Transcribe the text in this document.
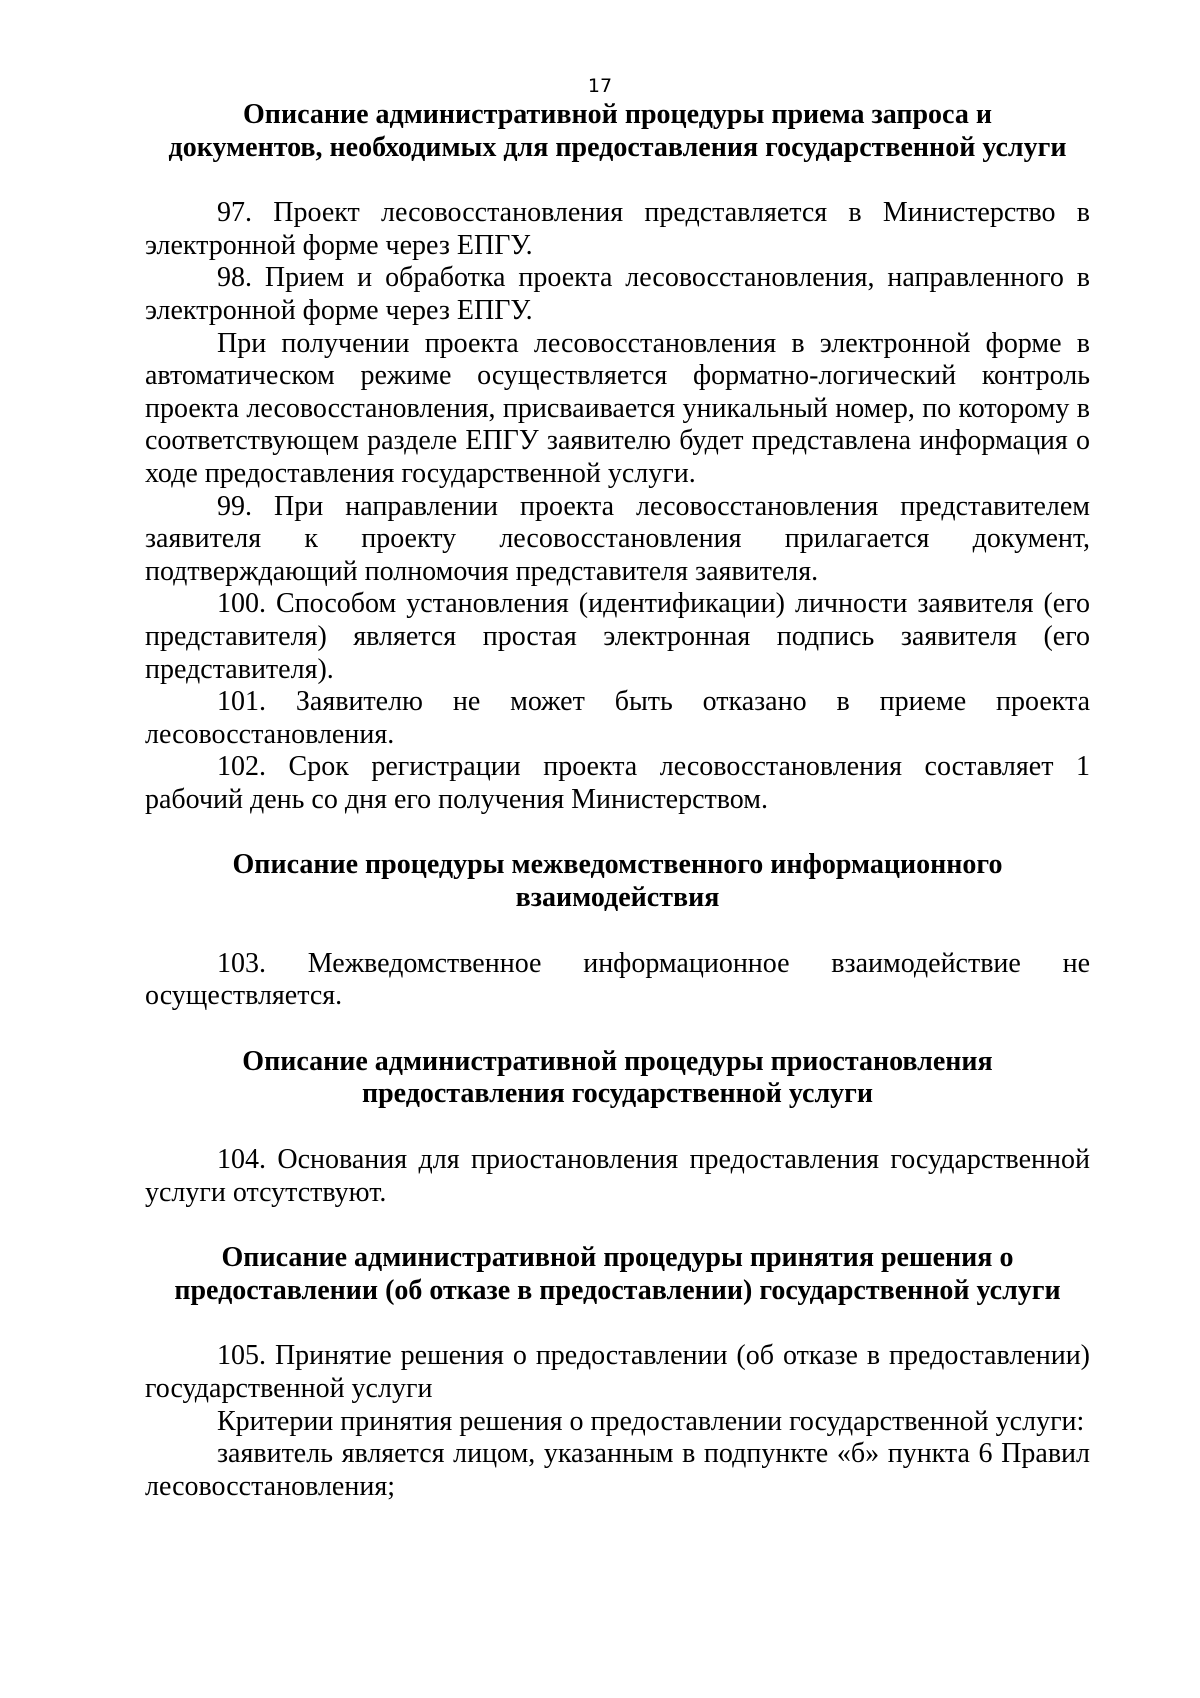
17
Описание административной процедуры приема запроса и
документов, необходимых для предоставления государственной услуги

97. Проект лесовосстановления представляется в Министерство в электронной форме через ЕПГУ.

98. Прием и обработка проекта лесовосстановления, направленного в электронной форме через ЕПГУ.

При получении проекта лесовосстановления в электронной форме в автоматическом режиме осуществляется форматно-логический контроль проекта лесовосстановления, присваивается уникальный номер, по которому в соответствующем разделе ЕПГУ заявителю будет представлена информация о ходе предоставления государственной услуги.

99. При направлении проекта лесовосстановления представителем заявителя к проекту лесовосстановления прилагается документ, подтверждающий полномочия представителя заявителя.

100. Способом установления (идентификации) личности заявителя (его представителя) является простая электронная подпись заявителя (его представителя).

101. Заявителю не может быть отказано в приеме проекта лесовосстановления.

102. Срок регистрации проекта лесовосстановления составляет 1 рабочий день со дня его получения Министерством.

Описание процедуры межведомственного информационного
взаимодействия

103. Межведомственное информационное взаимодействие не осуществляется.

Описание административной процедуры приостановления
предоставления государственной услуги

104. Основания для приостановления предоставления государственной услуги отсутствуют.

Описание административной процедуры принятия решения о
предоставлении (об отказе в предоставлении) государственной услуги

105. Принятие решения о предоставлении (об отказе в предоставлении) государственной услуги

Критерии принятия решения о предоставлении государственной услуги:

заявитель является лицом, указанным в подпункте «б» пункта 6 Правил лесовосстановления;
